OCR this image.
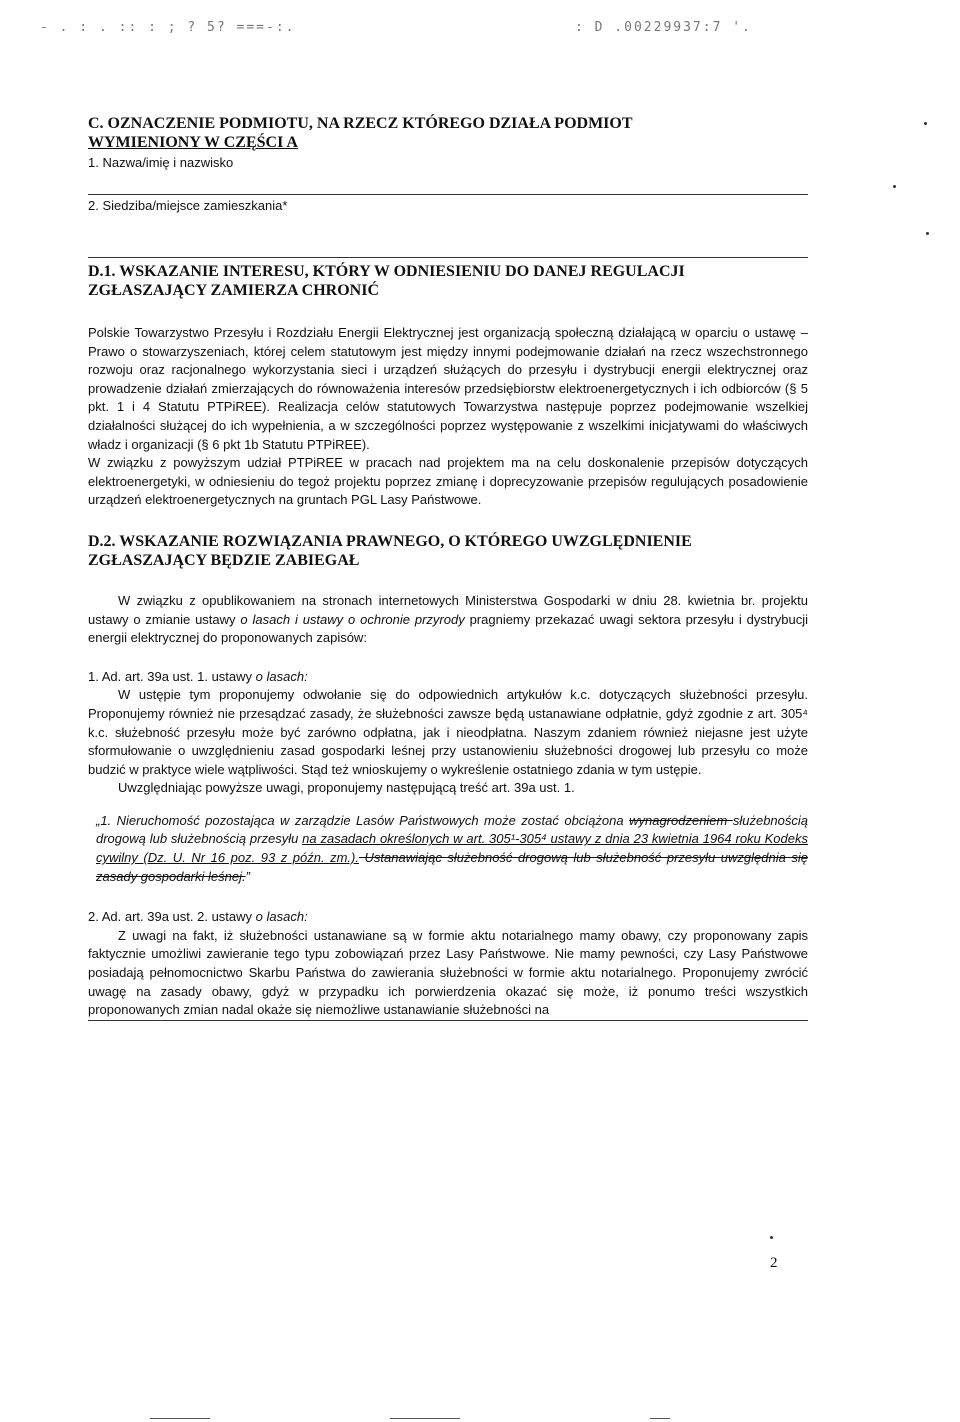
- . : . :: : ; ? 5? ===-:.	: D .00229937:7 '.
C. OZNACZENIE PODMIOTU, NA RZECZ KTÓREGO DZIAŁA PODMIOT
WYMIENIONY W CZĘŚCI A
1. Nazwa/imię i nazwisko
2. Siedziba/miejsce zamieszkania*
D.1. WSKAZANIE INTERESU, KTÓRY W ODNIESIENIU DO DANEJ REGULACJI
ZGŁASZAJĄCY ZAMIERZA CHRONIĆ

Polskie Towarzystwo Przesyłu i Rozdziału Energii Elektrycznej jest organizacją społeczną działającą w oparciu o ustawę – Prawo o stowarzyszeniach, której celem statutowym jest między innymi podejmowanie działań na rzecz wszechstronnego rozwoju oraz racjonalnego wykorzystania sieci i urządzeń służących do przesyłu i dystrybucji energii elektrycznej oraz prowadzenie działań zmierzających do równoważenia interesów przedsiębiorstw elektroenergetycznych i ich odbiorców (§ 5 pkt. 1 i 4 Statutu PTPiREE). Realizacja celów statutowych Towarzystwa następuje poprzez podejmowanie wszelkiej działalności służącej do ich wypełnienia, a w szczególności poprzez występowanie z wszelkimi inicjatywami do właściwych władz i organizacji (§ 6 pkt 1b Statutu PTPiREE).

W związku z powyższym udział PTPiREE w pracach nad projektem ma na celu doskonalenie przepisów dotyczących elektroenergetyki, w odniesieniu do tegoż projektu poprzez zmianę i doprecyzowanie przepisów regulujących posadowienie urządzeń elektroenergetycznych na gruntach PGL Lasy Państwowe.

D.2. WSKAZANIE ROZWIĄZANIA PRAWNEGO, O KTÓREGO UWZGLĘDNIENIE
ZGŁASZAJĄCY BĘDZIE ZABIEGAŁ

W związku z opublikowaniem na stronach internetowych Ministerstwa Gospodarki w dniu 28. kwietnia br. projektu ustawy o zmianie ustawy o lasach i ustawy o ochronie przyrody pragniemy przekazać uwagi sektora przesyłu i dystrybucji energii elektrycznej do proponowanych zapisów:

1. Ad. art. 39a ust. 1. ustawy o lasach:

W ustępie tym proponujemy odwołanie się do odpowiednich artykułów k.c. dotyczących służebności przesyłu. Proponujemy również nie przesądzać zasady, że służebności zawsze będą ustanawiane odpłatnie, gdyż zgodnie z art. 305⁴ k.c. służebność przesyłu może być zarówno odpłatna, jak i nieodpłatna. Naszym zdaniem również niejasne jest użyte sformułowanie o uwzględnieniu zasad gospodarki leśnej przy ustanowieniu służebności drogowej lub przesyłu co może budzić w praktyce wiele wątpliwości. Stąd też wnioskujemy o wykreślenie ostatniego zdania w tym ustępie.

Uwzględniając powyższe uwagi, proponujemy następującą treść art. 39a ust. 1.

„1. Nieruchomość pozostająca w zarządzie Lasów Państwowych może zostać obciążona wynagrodzeniem służebnością drogową lub służebnością przesyłu na zasadach określonych w art. 305¹-305⁴ ustawy z dnia 23 kwietnia 1964 roku Kodeks cywilny (Dz. U. Nr 16 poz. 93 z późn. zm.). Ustanawiając służebność drogową lub służebność przesyłu uwzględnia się zasady gospodarki leśnej.”

2. Ad. art. 39a ust. 2. ustawy o lasach:

Z uwagi na fakt, iż służebności ustanawiane są w formie aktu notarialnego mamy obawy, czy proponowany zapis faktycznie umożliwi zawieranie tego typu zobowiązań przez Lasy Państwowe. Nie mamy pewności, czy Lasy Państwowe posiadają pełnomocnictwo Skarbu Państwa do zawierania służebności w formie aktu notarialnego. Proponujemy zwrócić uwagę na zasady obawy, gdyż w przypadku ich porwierdzenia okazać się może, iż ponumo treści wszystkich proponowanych zmian nadal okaże się niemożliwe ustanawianie służebności na

2
